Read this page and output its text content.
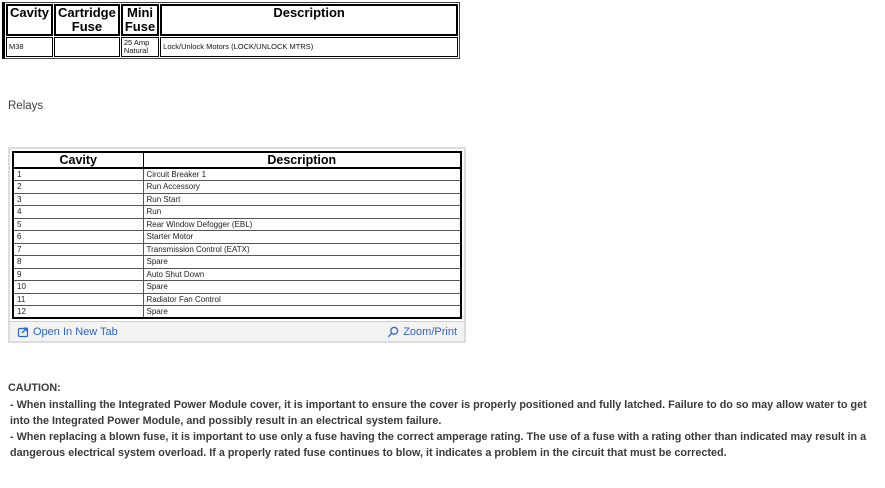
Cavity	Cartridge Fuse	Mini Fuse	Description
M38		25 Amp Natural	Lock/Unlock Motors (LOCK/UNLOCK MTRS)
Relays
Cavity	Description
1	Circuit Breaker 1
2	Run Accessory
3	Run Start
4	Run
5	Rear Window Defogger (EBL)
6	Starter Motor
7	Transmission Control (EATX)
8	Spare
9	Auto Shut Down
10	Spare
11	Radiator Fan Control
12	Spare
Open In New Tab	Zoom/Print
CAUTION:
- When installing the Integrated Power Module cover, it is important to ensure the cover is properly positioned and fully latched. Failure to do so may allow water to get into the Integrated Power Module, and possibly result in an electrical system failure.
- When replacing a blown fuse, it is important to use only a fuse having the correct amperage rating. The use of a fuse with a rating other than indicated may result in a dangerous electrical system overload. If a properly rated fuse continues to blow, it indicates a problem in the circuit that must be corrected.
